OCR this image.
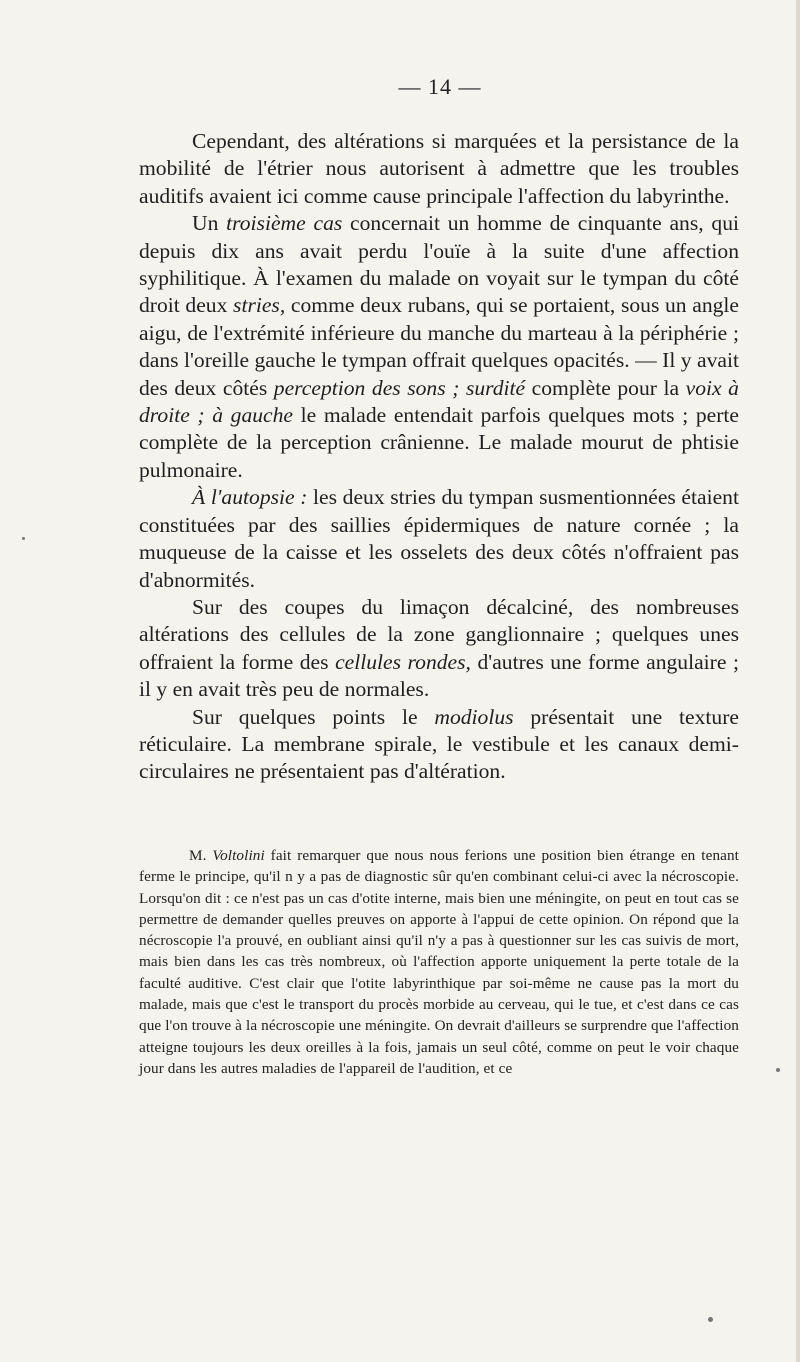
— 14 —

Cependant, des altérations si marquées et la persistance de la mobilité de l'étrier nous autorisent à admettre que les troubles auditifs avaient ici comme cause principale l'affection du labyrinthe.

Un troisième cas concernait un homme de cinquante ans, qui depuis dix ans avait perdu l'ouïe à la suite d'une affection syphilitique. À l'examen du malade on voyait sur le tympan du côté droit deux stries, comme deux rubans, qui se portaient, sous un angle aigu, de l'extrémité inférieure du manche du marteau à la périphérie ; dans l'oreille gauche le tympan offrait quelques opacités. — Il y avait des deux côtés perception des sons ; surdité complète pour la voix à droite ; à gauche le malade entendait parfois quelques mots ; perte complète de la perception crânienne. Le malade mourut de phtisie pulmonaire.

À l'autopsie : les deux stries du tympan susmentionnées étaient constituées par des saillies épidermiques de nature cornée ; la muqueuse de la caisse et les osselets des deux côtés n'offraient pas d'abnormités.

Sur des coupes du limaçon décalciné, des nombreuses altérations des cellules de la zone ganglionnaire ; quelques unes offraient la forme des cellules rondes, d'autres une forme angulaire ; il y en avait très peu de normales.

Sur quelques points le modiolus présentait une texture réticulaire. La membrane spirale, le vestibule et les canaux demi-circulaires ne présentaient pas d'altération.

M. Voltolini fait remarquer que nous nous ferions une position bien étrange en tenant ferme le principe, qu'il n y a pas de diagnostic sûr qu'en combinant celui-ci avec la nécroscopie. Lorsqu'on dit : ce n'est pas un cas d'otite interne, mais bien une méningite, on peut en tout cas se permettre de demander quelles preuves on apporte à l'appui de cette opinion. On répond que la nécroscopie l'a prouvé, en oubliant ainsi qu'il n'y a pas à questionner sur les cas suivis de mort, mais bien dans les cas très nombreux, où l'affection apporte uniquement la perte totale de la faculté auditive. C'est clair que l'otite labyrinthique par soi-même ne cause pas la mort du malade, mais que c'est le transport du procès morbide au cerveau, qui le tue, et c'est dans ce cas que l'on trouve à la nécroscopie une méningite. On devrait d'ailleurs se surprendre que l'affection atteigne toujours les deux oreilles à la fois, jamais un seul côté, comme on peut le voir chaque jour dans les autres maladies de l'appareil de l'audition, et ce
